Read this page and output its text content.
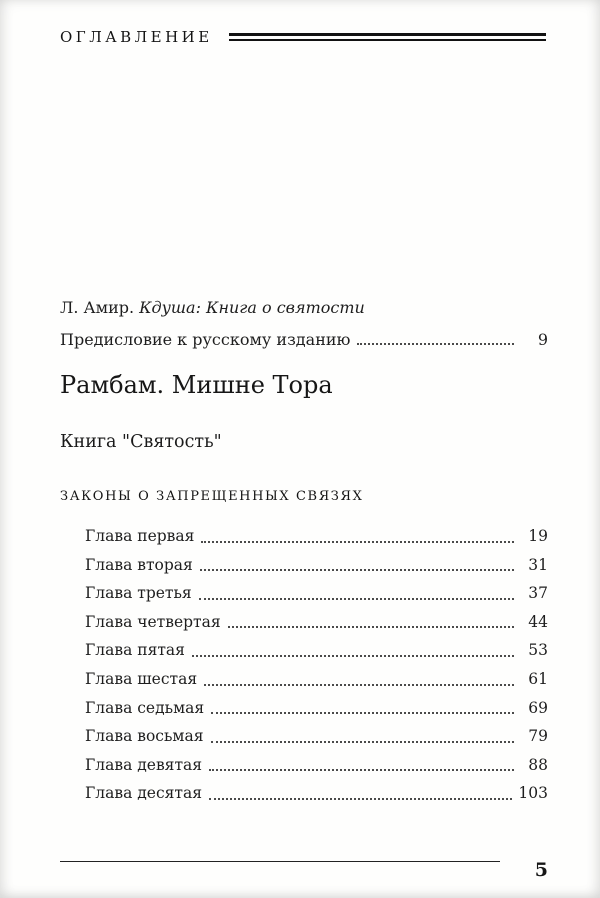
ОГЛАВЛЕНИЕ
Л. Амир. Кдуша: Книга о святости
Предисловие к русскому изданию	9
Рамбам. Мишне Тора
Книга "Святость"
ЗАКОНЫ О ЗАПРЕЩЕННЫХ СВЯЗЯХ
Глава первая	19
Глава вторая	31
Глава третья	37
Глава четвертая	44
Глава пятая	53
Глава шестая	61
Глава седьмая	69
Глава восьмая	79
Глава девятая	88
Глава десятая	103
5
